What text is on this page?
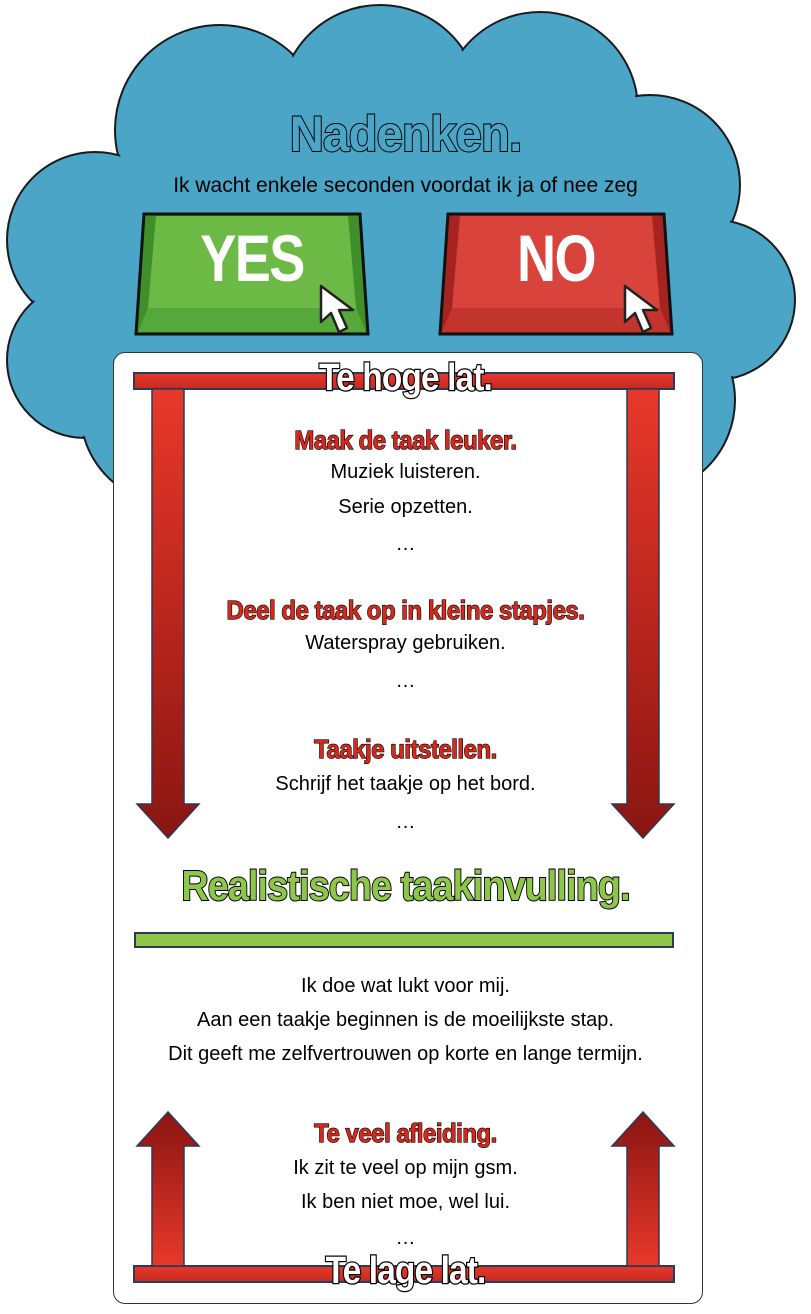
Nadenken.
Ik wacht enkele seconden voordat ik ja of nee zeg
YES	NO
Te hoge lat.
Maak de taak leuker.
Muziek luisteren.
Serie opzetten.
…
Deel de taak op in kleine stapjes.
Waterspray gebruiken.
…
Taakje uitstellen.
Schrijf het taakje op het bord.
…
Realistische taakinvulling.
Ik doe wat lukt voor mij.
Aan een taakje beginnen is de moeilijkste stap.
Dit geeft me zelfvertrouwen op korte en lange termijn.
Te veel afleiding.
Ik zit te veel op mijn gsm.
Ik ben niet moe, wel lui.
…
Te lage lat.
